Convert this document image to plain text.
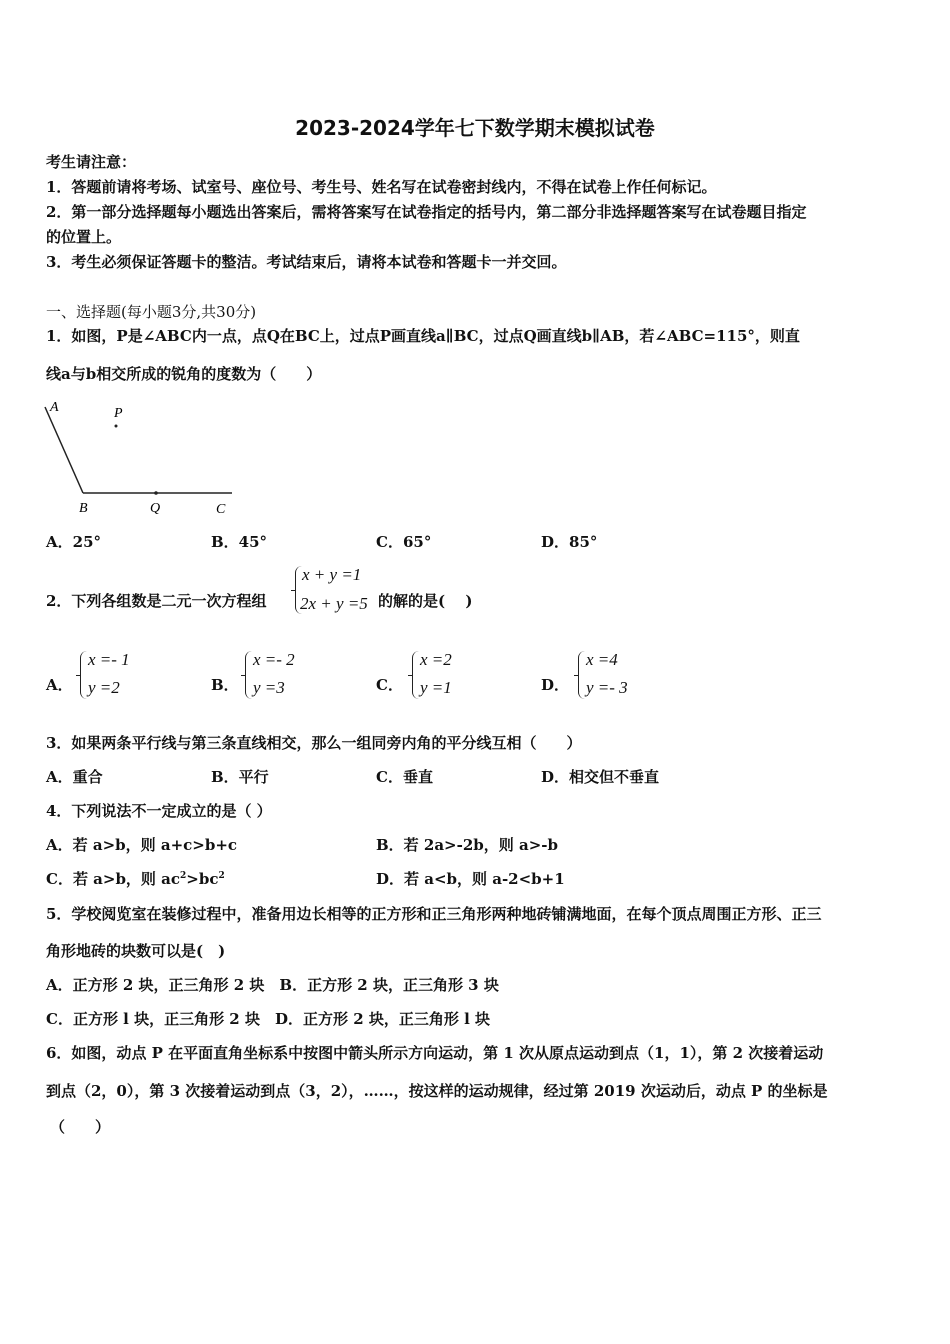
2023-2024学年七下数学期末模拟试卷
考生请注意：
1．答题前请将考场、试室号、座位号、考生号、姓名写在试卷密封线内，不得在试卷上作任何标记。
2．第一部分选择题每小题选出答案后，需将答案写在试卷指定的括号内，第二部分非选择题答案写在试卷题目指定
的位置上。
3．考生必须保证答题卡的整洁。考试结束后，请将本试卷和答题卡一并交回。
一、选择题(每小题3分,共30分)
1．如图，P是∠ABC内一点，点Q在BC上，过点P画直线a∥BC，过点Q画直线b∥AB，若∠ABC=115°，则直
线a与b相交所成的锐角的度数为（　　）
A	P
B	Q	C
A．25°	B．45°	C．65°	D．85°
2．下列各组数是二元一次方程组
x + y =1
2x + y =5 的解的是(　 )
A．
x =- 1
y =2	B．
x =- 2
y =3	C．
x =2
y =1	D．
x =4
y =- 3
3．如果两条平行线与第三条直线相交，那么一组同旁内角的平分线互相（　　）
A．重合	B．平行	C．垂直	D．相交但不垂直
4．下列说法不一定成立的是（ ）
A．若 a>b，则 a+c>b+c	B．若 2a>-2b，则 a>-b
C．若 a>b，则 $ac^2>bc^2$	D．若 a<b，则 a-2<b+1
5．学校阅览室在装修过程中，准备用边长相等的正方形和正三角形两种地砖铺满地面，在每个顶点周围正方形、正三
角形地砖的块数可以是(　)
A．正方形 2 块，正三角形 2 块　B．正方形 2 块，正三角形 3 块
C．正方形 l 块，正三角形 2 块　D．正方形 2 块，正三角形 l 块
6．如图，动点 P 在平面直角坐标系中按图中箭头所示方向运动，第 1 次从原点运动到点（1，1），第 2 次接着运动
到点（2，0），第 3 次接着运动到点（3，2），……，按这样的运动规律，经过第 2019 次运动后，动点 P 的坐标是
（　　）
